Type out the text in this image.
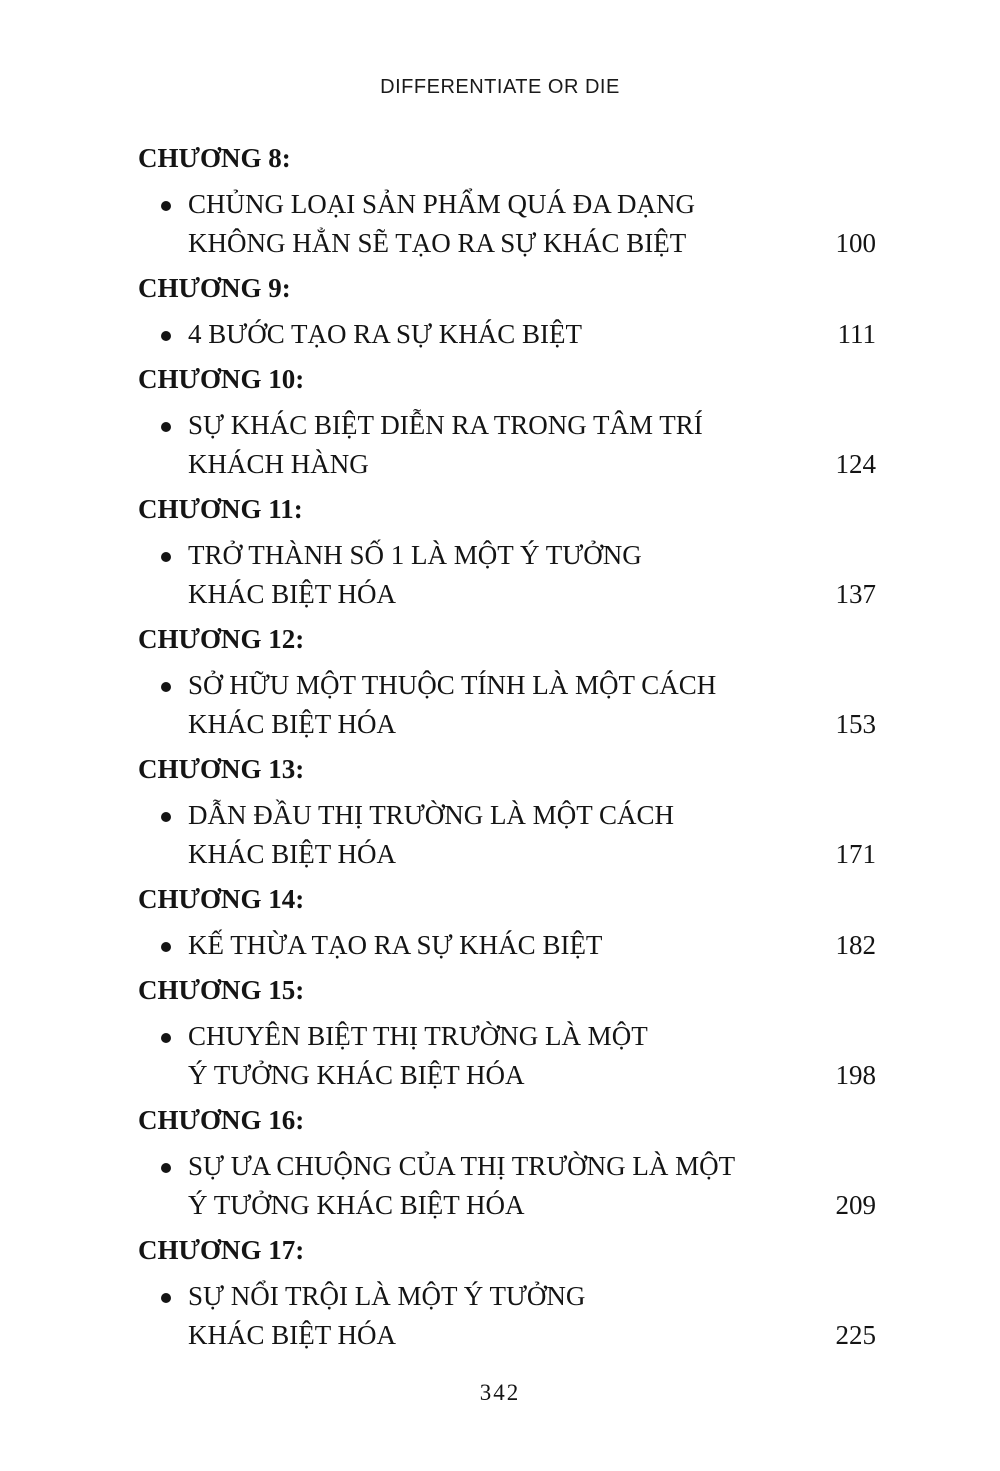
DIFFERENTIATE OR DIE
CHƯƠNG 8:
CHỦNG LOẠI SẢN PHẨM QUÁ ĐA DẠNG
KHÔNG HẲN SẼ TẠO RA SỰ KHÁC BIỆT	100
CHƯƠNG 9:
4 BƯỚC TẠO RA SỰ KHÁC BIỆT	111
CHƯƠNG 10:
SỰ KHÁC BIỆT DIỄN RA TRONG TÂM TRÍ
KHÁCH HÀNG	124
CHƯƠNG 11:
TRỞ THÀNH SỐ 1 LÀ MỘT Ý TƯỞNG
KHÁC BIỆT HÓA	137
CHƯƠNG 12:
SỞ HỮU MỘT THUỘC TÍNH LÀ MỘT CÁCH
KHÁC BIỆT HÓA	153
CHƯƠNG 13:
DẪN ĐẦU THỊ TRƯỜNG LÀ MỘT CÁCH
KHÁC BIỆT HÓA	171
CHƯƠNG 14:
KẾ THỪA TẠO RA SỰ KHÁC BIỆT	182
CHƯƠNG 15:
CHUYÊN BIỆT THỊ TRƯỜNG LÀ MỘT
Ý TƯỞNG KHÁC BIỆT HÓA	198
CHƯƠNG 16:
SỰ ƯA CHUỘNG CỦA THỊ TRƯỜNG LÀ MỘT
Ý TƯỞNG KHÁC BIỆT HÓA	209
CHƯƠNG 17:
SỰ NỔI TRỘI LÀ MỘT Ý TƯỞNG
KHÁC BIỆT HÓA	225
342
